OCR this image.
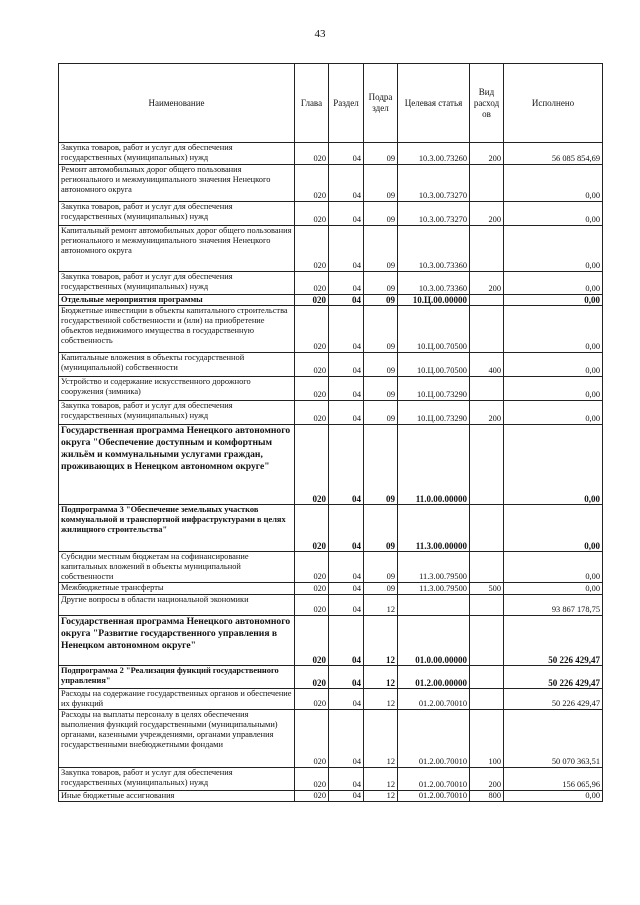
43
Наименование	Глава	Раздел	Подра здел	Целевая статья	Вид расход ов	Исполнено
Закупка товаров, работ и услуг для обеспечения государственных (муниципальных) нужд	020	04	09	10.3.00.73260	200	56 085 854,69
Ремонт автомобильных дорог общего пользования регионального и межмуниципального значения Ненецкого автономного округа	020	04	09	10.3.00.73270		0,00
Закупка товаров, работ и услуг для обеспечения государственных (муниципальных) нужд	020	04	09	10.3.00.73270	200	0,00
Капитальный ремонт автомобильных дорог общего пользования регионального и межмуниципального значения Ненецкого автономного округа	020	04	09	10.3.00.73360		0,00
Закупка товаров, работ и услуг для обеспечения государственных (муниципальных) нужд	020	04	09	10.3.00.73360	200	0,00
Отдельные мероприятия программы	020	04	09	10.Ц.00.00000		0,00
Бюджетные инвестиции в объекты капитального строительства государственной собственности и (или) на приобретение объектов недвижимого имущества в государственную собственность	020	04	09	10.Ц.00.70500		0,00
Капитальные вложения в объекты государственной (муниципальной) собственности	020	04	09	10.Ц.00.70500	400	0,00
Устройство и содержание искусственного дорожного сооружения (зимника)	020	04	09	10.Ц.00.73290		0,00
Закупка товаров, работ и услуг для обеспечения государственных (муниципальных) нужд	020	04	09	10.Ц.00.73290	200	0,00
Государственная программа Ненецкого автономного округа "Обеспечение доступным и комфортным жильём и коммунальными услугами граждан, проживающих в Ненецком автономном округе"	020	04	09	11.0.00.00000		0,00
Подпрограмма 3 "Обеспечение земельных участков коммунальной и транспортной инфраструктурами в целях жилищного строительства"	020	04	09	11.3.00.00000		0,00
Субсидии местным бюджетам на софинансирование капитальных вложений в объекты муниципальной собственности	020	04	09	11.3.00.79500		0,00
Межбюджетные трансферты	020	04	09	11.3.00.79500	500	0,00
Другие вопросы в области национальной экономики	020	04	12			93 867 178,75
Государственная программа Ненецкого автономного округа "Развитие государственного управления в Ненецком автономном округе"	020	04	12	01.0.00.00000		50 226 429,47
Подпрограмма 2 "Реализация функций государственного управления"	020	04	12	01.2.00.00000		50 226 429,47
Расходы на содержание государственных органов и обеспечение их функций	020	04	12	01.2.00.70010		50 226 429,47
Расходы на выплаты персоналу в целях обеспечения выполнения функций государственными (муниципальными) органами, казенными учреждениями, органами управления государственными внебюджетными фондами	020	04	12	01.2.00.70010	100	50 070 363,51
Закупка товаров, работ и услуг для обеспечения государственных (муниципальных) нужд	020	04	12	01.2.00.70010	200	156 065,96
Иные бюджетные ассигнования	020	04	12	01.2.00.70010	800	0,00
